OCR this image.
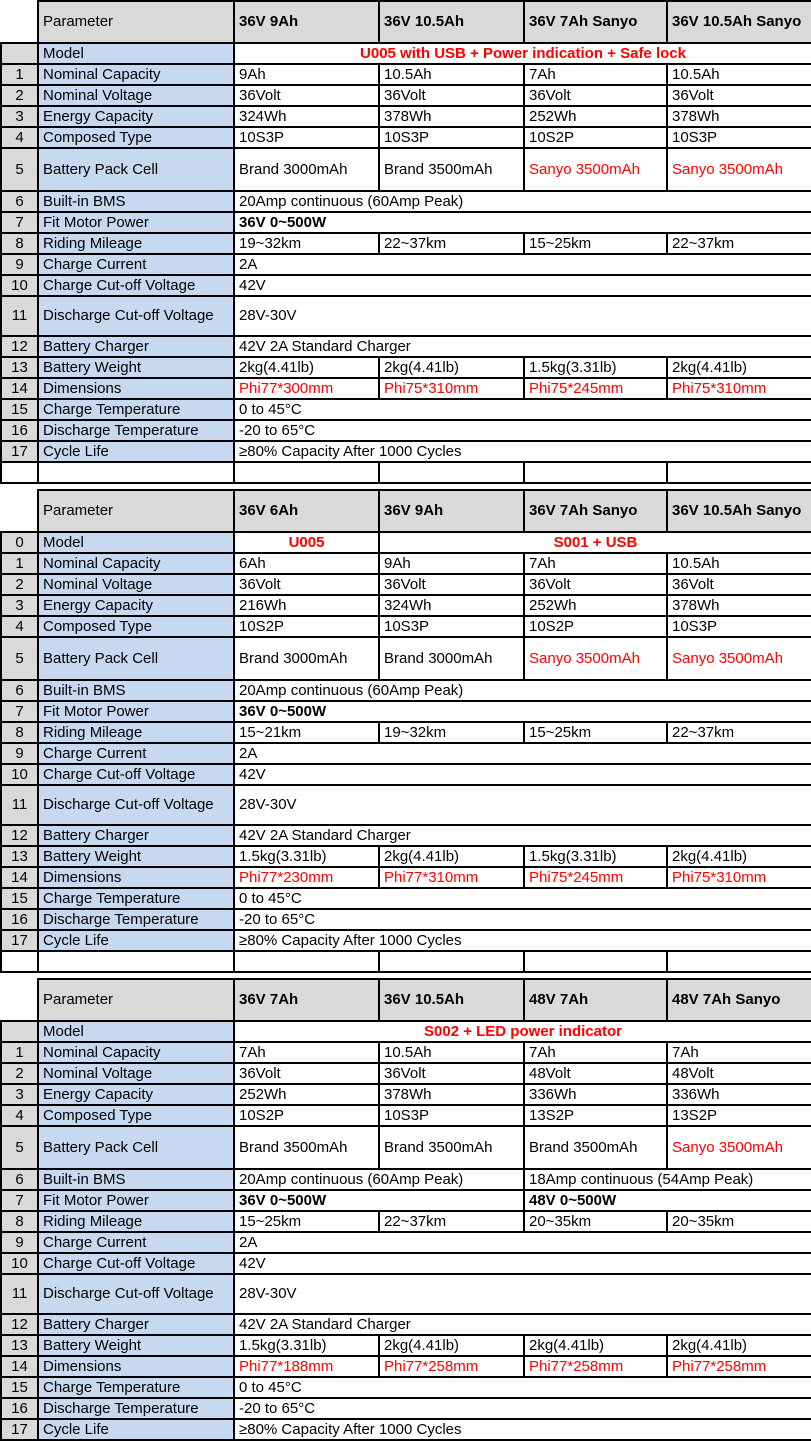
	Parameter	36V 9Ah	36V 10.5Ah	36V 7Ah Sanyo	36V 10.5Ah Sanyo
	Model	U005 with USB + Power indication + Safe lock			
1	Nominal Capacity	9Ah	10.5Ah	7Ah	10.5Ah
2	Nominal Voltage	36Volt	36Volt	36Volt	36Volt
3	Energy Capacity	324Wh	378Wh	252Wh	378Wh
4	Composed Type	10S3P	10S3P	10S2P	10S3P
5	Battery Pack Cell	Brand 3000mAh	Brand 3500mAh	Sanyo 3500mAh	Sanyo 3500mAh
6	Built-in BMS	20Amp continuous (60Amp Peak)			
7	Fit Motor Power	36V 0~500W			
8	Riding Mileage	19~32km	22~37km	15~25km	22~37km
9	Charge Current	2A			
10	Charge Cut-off Voltage	42V			
11	Discharge Cut-off Voltage	28V-30V			
12	Battery Charger	42V 2A Standard Charger			
13	Battery Weight	2kg(4.41lb)	2kg(4.41lb)	1.5kg(3.31lb)	2kg(4.41lb)
14	Dimensions	Phi77*300mm	Phi75*310mm	Phi75*245mm	Phi75*310mm
15	Charge Temperature	0 to 45°C			
16	Discharge Temperature	-20 to 65°C			
17	Cycle Life	≥80% Capacity After 1000 Cycles			

	Parameter	36V 6Ah	36V 9Ah	36V 7Ah Sanyo	36V 10.5Ah Sanyo
0	Model	U005	S001 + USB		
1	Nominal Capacity	6Ah	9Ah	7Ah	10.5Ah
2	Nominal Voltage	36Volt	36Volt	36Volt	36Volt
3	Energy Capacity	216Wh	324Wh	252Wh	378Wh
4	Composed Type	10S2P	10S3P	10S2P	10S3P
5	Battery Pack Cell	Brand 3000mAh	Brand 3000mAh	Sanyo 3500mAh	Sanyo 3500mAh
6	Built-in BMS	20Amp continuous (60Amp Peak)			
7	Fit Motor Power	36V 0~500W			
8	Riding Mileage	15~21km	19~32km	15~25km	22~37km
9	Charge Current	2A			
10	Charge Cut-off Voltage	42V			
11	Discharge Cut-off Voltage	28V-30V			
12	Battery Charger	42V 2A Standard Charger			
13	Battery Weight	1.5kg(3.31lb)	2kg(4.41lb)	1.5kg(3.31lb)	2kg(4.41lb)
14	Dimensions	Phi77*230mm	Phi77*310mm	Phi75*245mm	Phi75*310mm
15	Charge Temperature	0 to 45°C			
16	Discharge Temperature	-20 to 65°C			
17	Cycle Life	≥80% Capacity After 1000 Cycles			

	Parameter	36V 7Ah	36V 10.5Ah	48V 7Ah	48V 7Ah Sanyo
	Model	S002 + LED power indicator			
1	Nominal Capacity	7Ah	10.5Ah	7Ah	7Ah
2	Nominal Voltage	36Volt	36Volt	48Volt	48Volt
3	Energy Capacity	252Wh	378Wh	336Wh	336Wh
4	Composed Type	10S2P	10S3P	13S2P	13S2P
5	Battery Pack Cell	Brand 3500mAh	Brand 3500mAh	Brand 3500mAh	Sanyo 3500mAh
6	Built-in BMS	20Amp continuous (60Amp Peak)		18Amp continuous (54Amp Peak)	
7	Fit Motor Power	36V 0~500W		48V 0~500W	
8	Riding Mileage	15~25km	22~37km	20~35km	20~35km
9	Charge Current	2A			
10	Charge Cut-off Voltage	42V			
11	Discharge Cut-off Voltage	28V-30V			
12	Battery Charger	42V 2A Standard Charger			
13	Battery Weight	1.5kg(3.31lb)	2kg(4.41lb)	2kg(4.41lb)	2kg(4.41lb)
14	Dimensions	Phi77*188mm	Phi77*258mm	Phi77*258mm	Phi77*258mm
15	Charge Temperature	0 to 45°C			
16	Discharge Temperature	-20 to 65°C			
17	Cycle Life	≥80% Capacity After 1000 Cycles			
